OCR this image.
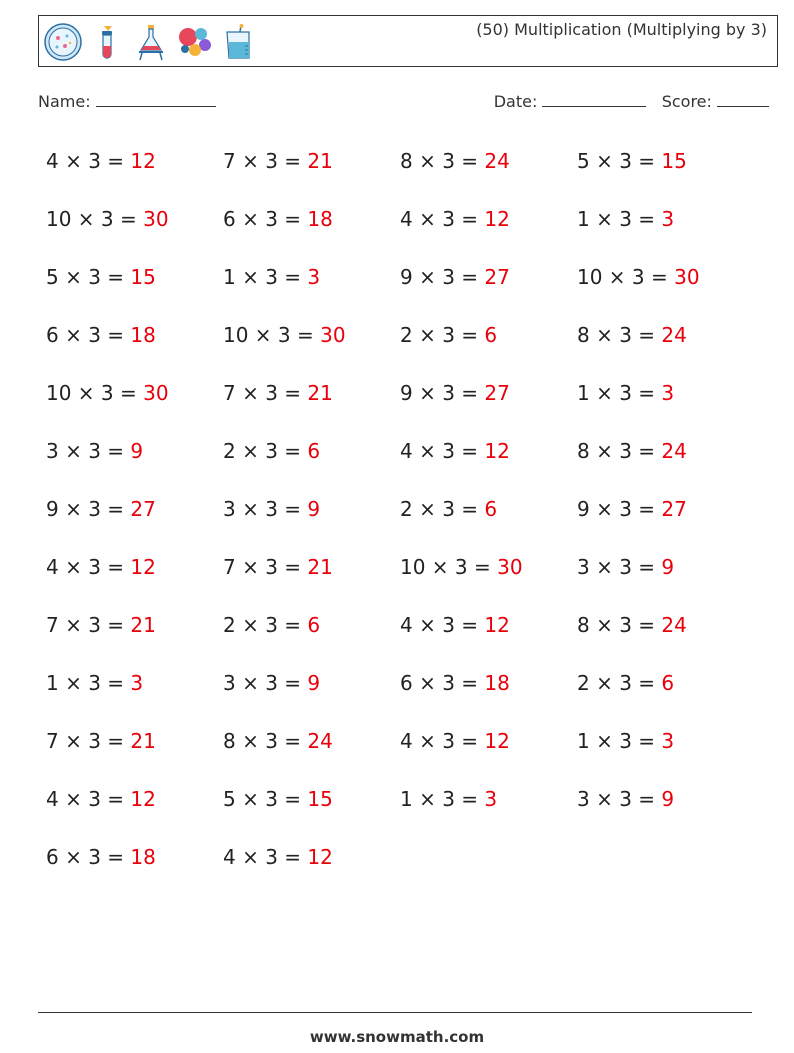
(50) Multiplication (Multiplying by 3)
Name:	Date:	Score:
4 × 3 = 12	7 × 3 = 21	8 × 3 = 24	5 × 3 = 15
10 × 3 = 30	6 × 3 = 18	4 × 3 = 12	1 × 3 = 3
5 × 3 = 15	1 × 3 = 3	9 × 3 = 27	10 × 3 = 30
6 × 3 = 18	10 × 3 = 30	2 × 3 = 6	8 × 3 = 24
10 × 3 = 30	7 × 3 = 21	9 × 3 = 27	1 × 3 = 3
3 × 3 = 9	2 × 3 = 6	4 × 3 = 12	8 × 3 = 24
9 × 3 = 27	3 × 3 = 9	2 × 3 = 6	9 × 3 = 27
4 × 3 = 12	7 × 3 = 21	10 × 3 = 30	3 × 3 = 9
7 × 3 = 21	2 × 3 = 6	4 × 3 = 12	8 × 3 = 24
1 × 3 = 3	3 × 3 = 9	6 × 3 = 18	2 × 3 = 6
7 × 3 = 21	8 × 3 = 24	4 × 3 = 12	1 × 3 = 3
4 × 3 = 12	5 × 3 = 15	1 × 3 = 3	3 × 3 = 9
6 × 3 = 18	4 × 3 = 12
www.snowmath.com
